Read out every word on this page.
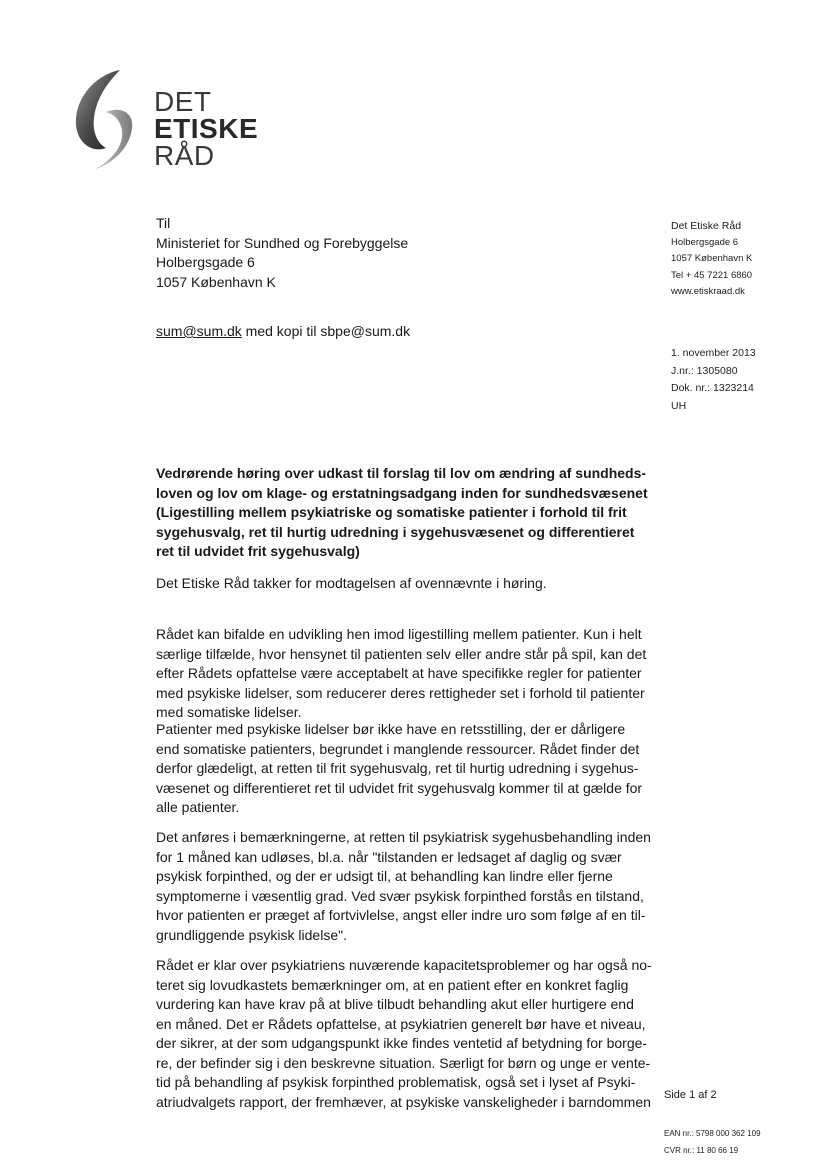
DET
ETISKE
RÅD
Til
Ministeriet for Sundhed og Forebyggelse
Holbergsgade 6
1057 København K
sum@sum.dk med kopi til sbpe@sum.dk
Det Etiske Råd
Holbergsgade 6
1057 København K
Tel + 45 7221 6860
www.etiskraad.dk
1. november 2013
J.nr.: 1305080
Dok. nr.: 1323214
UH
Vedrørende høring over udkast til forslag til lov om ændring af sundheds-
loven og lov om klage- og erstatningsadgang inden for sundhedsvæsenet
(Ligestilling mellem psykiatriske og somatiske patienter i forhold til frit
sygehusvalg, ret til hurtig udredning i sygehusvæsenet og differentieret
ret til udvidet frit sygehusvalg)
Det Etiske Råd takker for modtagelsen af ovennævnte i høring.
Rådet kan bifalde en udvikling hen imod ligestilling mellem patienter. Kun i helt
særlige tilfælde, hvor hensynet til patienten selv eller andre står på spil, kan det
efter Rådets opfattelse være acceptabelt at have specifikke regler for patienter
med psykiske lidelser, som reducerer deres rettigheder set i forhold til patienter
med somatiske lidelser.
Patienter med psykiske lidelser bør ikke have en retsstilling, der er dårligere
end somatiske patienters, begrundet i manglende ressourcer. Rådet finder det
derfor glædeligt, at retten til frit sygehusvalg, ret til hurtig udredning i sygehus-
væsenet og differentieret ret til udvidet frit sygehusvalg kommer til at gælde for
alle patienter.
Det anføres i bemærkningerne, at retten til psykiatrisk sygehusbehandling inden
for 1 måned kan udløses, bl.a. når "tilstanden er ledsaget af daglig og svær
psykisk forpinthed, og der er udsigt til, at behandling kan lindre eller fjerne
symptomerne i væsentlig grad. Ved svær psykisk forpinthed forstås en tilstand,
hvor patienten er præget af fortvivlelse, angst eller indre uro som følge af en til-
grundliggende psykisk lidelse".
Rådet er klar over psykiatriens nuværende kapacitetsproblemer og har også no-
teret sig lovudkastets bemærkninger om, at en patient efter en konkret faglig
vurdering kan have krav på at blive tilbudt behandling akut eller hurtigere end
en måned. Det er Rådets opfattelse, at psykiatrien generelt bør have et niveau,
der sikrer, at der som udgangspunkt ikke findes ventetid af betydning for borge-
re, der befinder sig i den beskrevne situation. Særligt for børn og unge er vente-
tid på behandling af psykisk forpinthed problematisk, også set i lyset af Psyki-
atriudvalgets rapport, der fremhæver, at psykiske vanskeligheder i barndommen Side 1 af 2
EAN nr.: 5798 000 362 109
CVR nr.: 11 80 66 19
